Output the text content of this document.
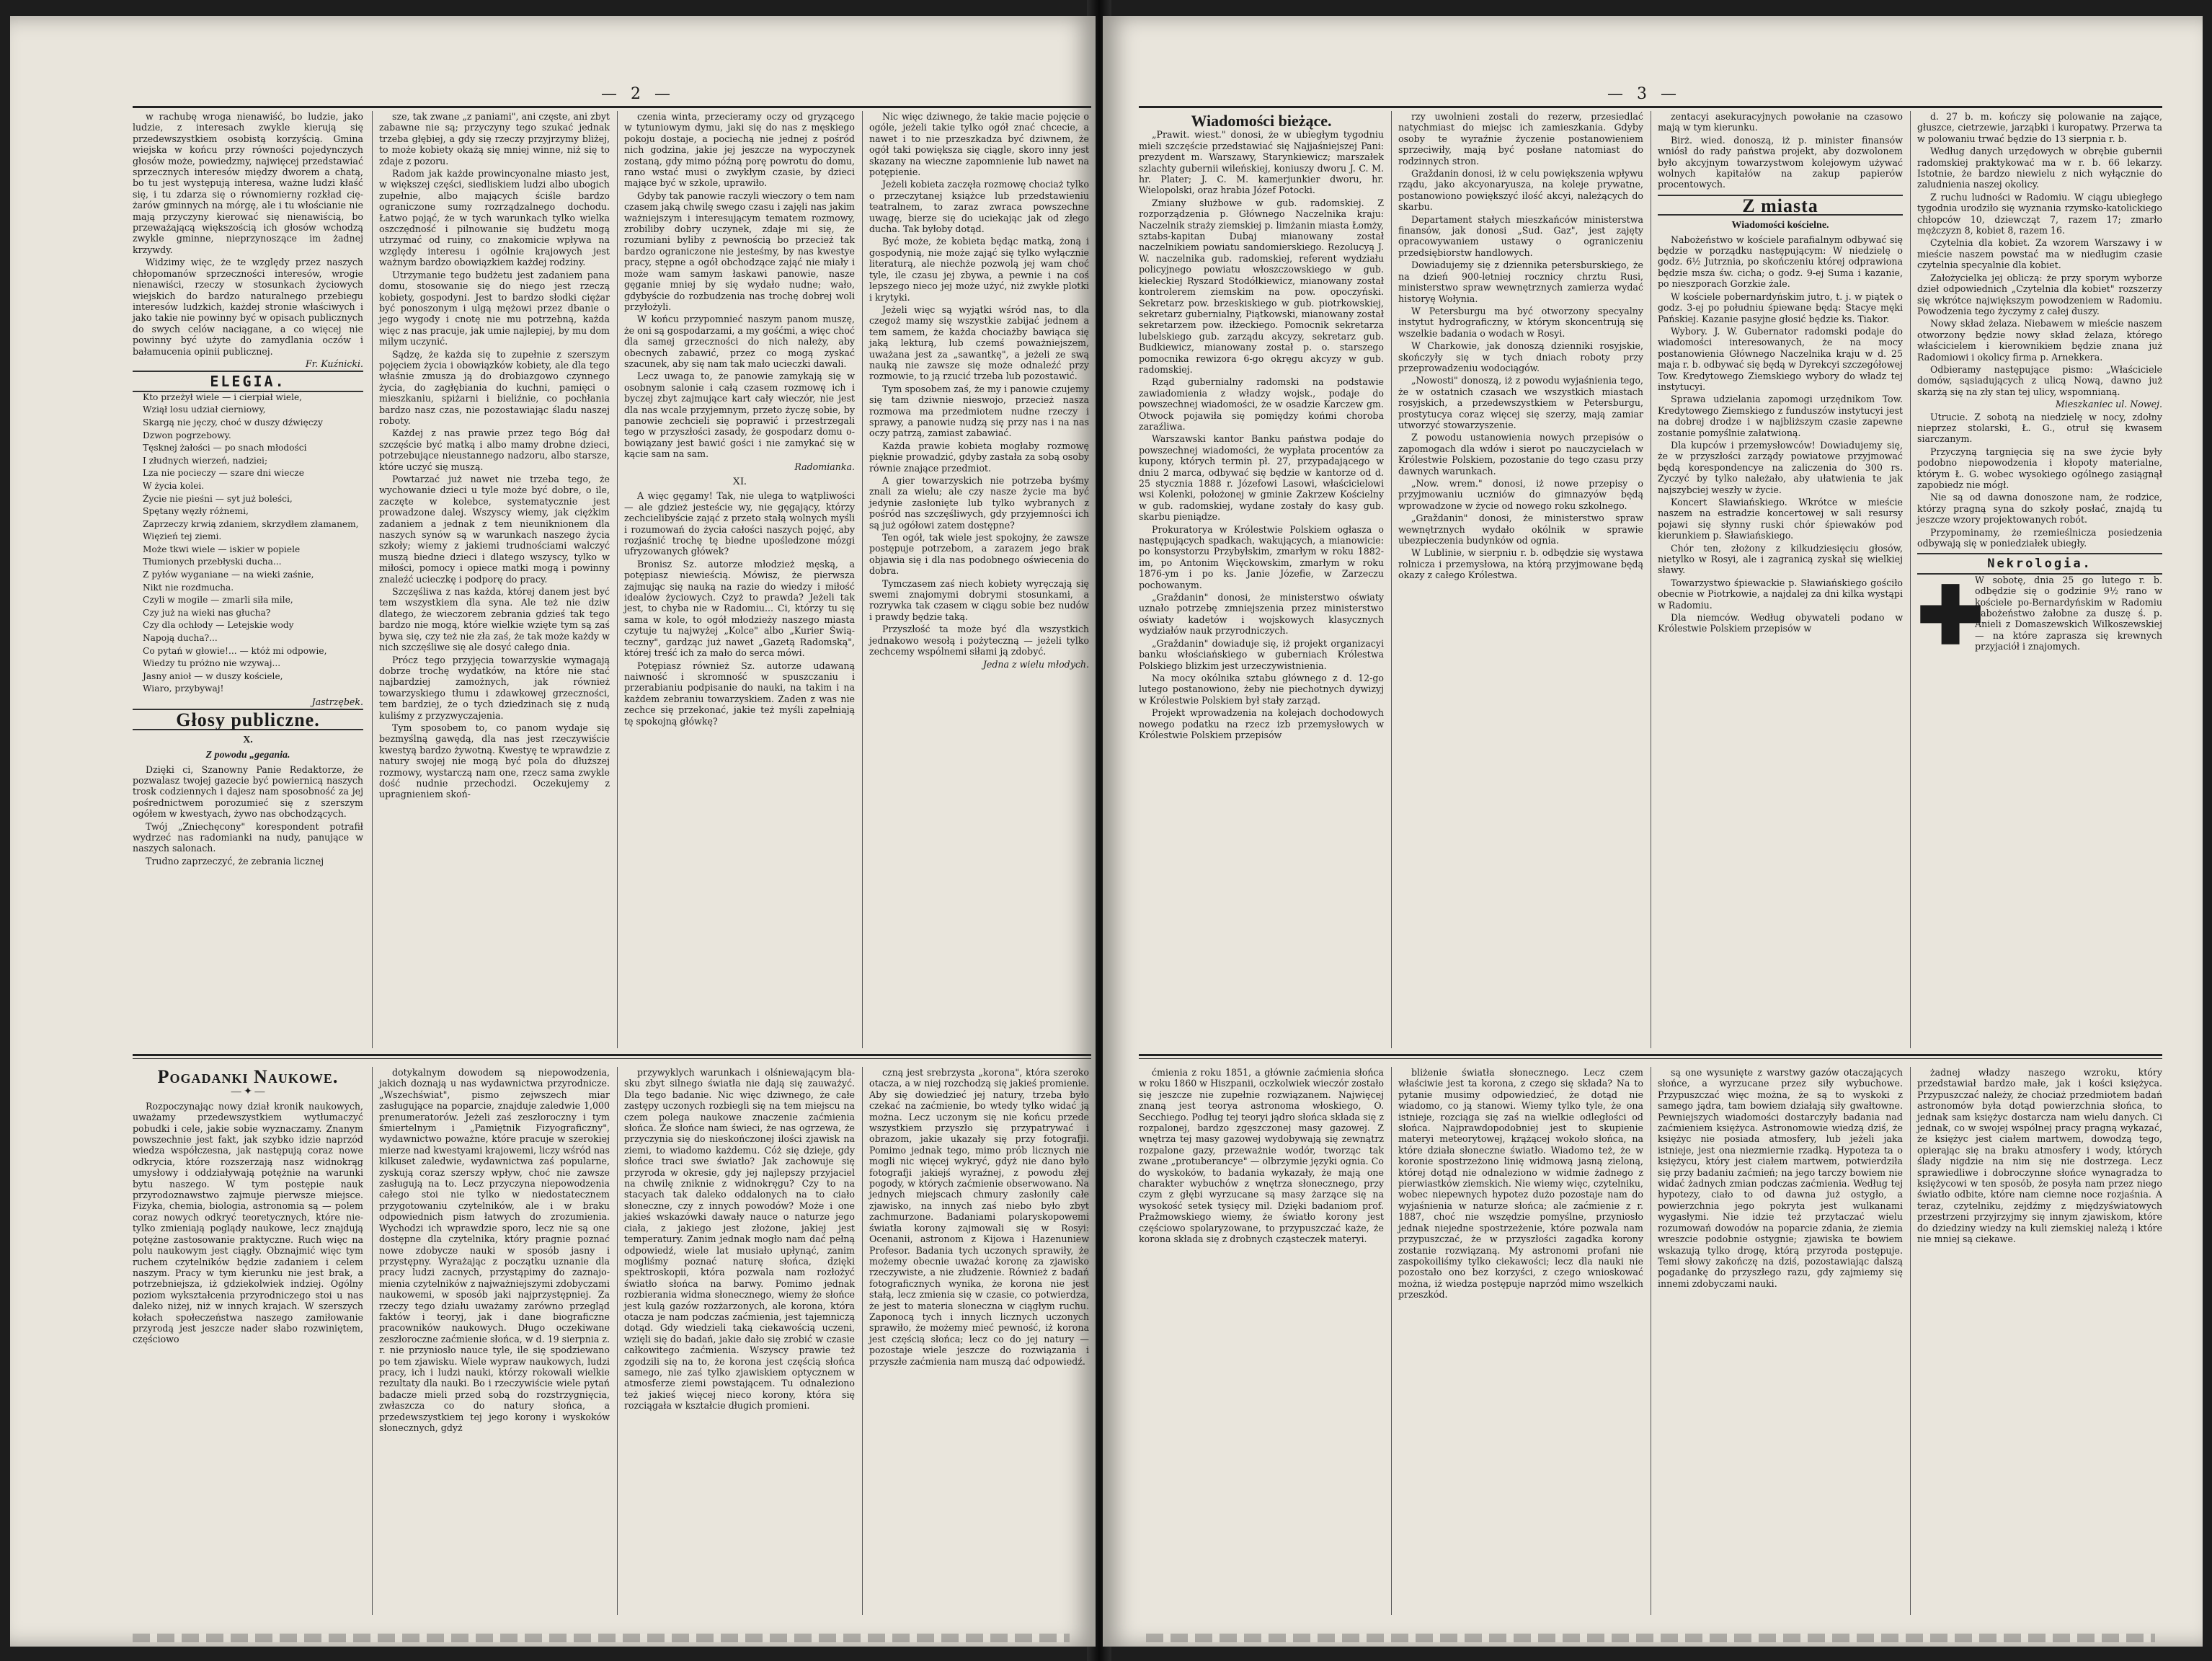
— 2 —

w rachubę wroga nienawiść, bo ludzie, jako ludzie, z interesach zwykle kierują się przedewszystkiem osobistą korzyścią. Gmina wiejska w końcu przy równości pojedynczych głosów może, powiedzmy, najwięcej przedstawiać sprzecznych interesów między dworem a chatą, bo tu jest występują interesa, ważne ludzi kłaść się, i tu zdarza się o równomierny rozkład ciężarów gminnych na mórgę, ale i tu włościanie nie mają przyczyny kierować się nienawiścią, bo przeważającą większością ich głosów wchodzą zwykle gminne, nieprzynoszące im żadnej krzywdy.

Widzimy więc, że te względy przez naszych chłopomanów sprzeczności interesów, wrogie nienawiści, rzeczy w stosunkach życiowych wiejskich do bardzo naturalnego przebiegu interesów ludzkich, każdej stronie właściwych i jako takie nie powinny być w opisach publicznych do swych celów naciągane, a co więcej nie powinny być użyte do zamydlania oczów i bałamucenia opinii publicznej.

Fr. Kuźnicki.

ELEGIA.

Kto przeżył wiele — i cierpiał wiele,

Wziął losu udział cierniowy,

Skargą nie jęczy, choć w duszy dźwięczy

Dzwon pogrzebowy.

Tęsknej żałości — po snach młodości

I złudnych wierzeń, nadziei;

Lza nie pocieczy — szare dni wiecze

W życia kolei.

Życie nie pieśni — syt już boleści,

Spętany węzły różnemi,

Zaprzeczy krwią zdaniem, skrzydłem złamanem,

Więzień tej ziemi.

Może tkwi wiele — iskier w popiele

Tłumionych przebłyski ducha...

Z pyłów wyganiane — na wieki zaśnie,

Nikt nie rozdmucha.

Czyli w mogile — zmarli siła mile,

Czy już na wieki nas głucha?

Czy dla ochłody — Letejskie wody

Napoją ducha?...

Co pytań w głowie!... — któż mi odpowie,

Wiedzy tu próżno nie wzywaj...

Jasny anioł — w duszy kościele,

Wiaro, przybywaj!

Jastrzębek.

Głosy publiczne.
X.
Z powodu „gegania.

Dzięki ci, Szanowny Panie Redaktorze, że pozwalasz twojej gazecie być powiernicą naszych trosk codziennych i dajesz nam sposobność za jej pośrednictwem porozumieć się z szerszym ogółem w kwestyach, żywo nas obchodzących.

Twój „Zniechęcony" korespondent potrafił wydrzeć nas radomianki na nudy, panujące w naszych salonach.

Trudno zaprzeczyć, że zebrania licznej

sze, tak zwane „z paniami", ani częste, ani zbyt zabawne nie są; przyczyny tego szukać jednak trzeba głębiej, a gdy się rzeczy przyjrzymy bliżej, to może kobiety okażą się mniej winne, niż się to zdaje z pozoru.

Radom jak każde prowincyonalne miasto jest, w większej części, siedliskiem ludzi albo ubogich zupełnie, albo mających ściśle bardzo ograniczone sumy rozrządzalnego dochodu. Łatwo pojąć, że w tych warunkach tylko wielka oszczędność i pilnowanie się budżetu mogą utrzymać od ruiny, co znakomicie wpływa na względy interesu i ogólnie krajowych jest ważnym bardzo obowiązkiem każdej rodziny.

Utrzymanie tego budżetu jest zadaniem pana domu, stosowanie się do niego jest rzeczą kobiety, gospodyni. Jest to bardzo słodki ciężar być ponoszonym i ulgą mężowi przez dbanie o jego wygody i cnotę nie mu potrzebną, każda więc z nas pracuje, jak umie najlepiej, by mu dom milym uczynić.

Sądzę, że każda się to zupełnie z szerszym pojęciem życia i obowiązków kobiety, ale dla tego właśnie zmusza ją do drobiazgowo czynnego życia, do zagłębiania do kuchni, pamięci o mieszkaniu, spiżarni i bieliźnie, co pochłania bardzo nasz czas, nie pozostawiając śladu naszej roboty.

Każdej z nas prawie przez tego Bóg dał szczęście być matką i albo mamy drobne dzieci, potrzebujące nieustannego nadzoru, albo starsze, które uczyć się muszą.

Powtarzać już nawet nie trzeba tego, że wychowanie dzieci u tyle może być dobre, o ile, zaczęte w kolebce, systematycznie jest prowadzone dalej. Wszyscy wiemy, jak ciężkim zadaniem a jednak z tem nieuniknionem dla naszych synów są w warunkach naszego życia szkoły; wiemy z jakiemi trudnościami walczyć muszą biedne dzieci i dlatego wszyscy, tylko w miłości, pomocy i opiece matki mogą i powinny znaleźć ucieczkę i podporę do pracy.

Szczęśliwa z nas każda, której danem jest być tem wszystkiem dla syna. Ale też nie dziw dlatego, że wieczorem zebrania gdzieś tak tego bardzo nie mogą, które wielkie wzięte tym są zaś bywa się, czy też nie zła zaś, że tak może każdy w nich szczęśliwe się ale dosyć całego dnia.

Prócz tego przyjęcia towarzyskie wymagają dobrze trochę wydatków, na które nie stać najbardziej zamożnych, jak również towarzyskiego tłumu i zdawkowej grzeczności, tem bardziej, że o tych dziedzinach się z nudą kuliśmy z przyzwyczajenia.

Tym sposobem to, co panom wydaje się bezmyślną gawędą, dla nas jest rzeczywiście kwestyą bardzo żywotną. Kwestyę te wprawdzie z natury swojej nie mogą być pola do dłuższej rozmowy, wystarczą nam one, rzecz sama zwykle dość nudnie przechodzi. Oczekujemy z upragnieniem skoń-

czenia winta, przecieramy oczy od gryzącego w tytuniowym dymu, jaki się do nas z męskiego pokoju dostaje, a pociechą nie jednej z pośród nich godzina, jakie jej jeszcze na wypoczynek zostaną, gdy mimo późną porę powrotu do domu, rano wstać musi o zwykłym czasie, by dzieci mające być w szkole, uprawiło.

Gdyby tak panowie raczyli wieczory o tem nam czasem jaką chwilę swego czasu i zajęli nas jakim ważniejszym i interesującym tematem rozmowy, zrobiliby dobry uczynek, zdaje mi się, że rozumiani byliby z pewnością bo przecież tak bardzo ograniczone nie jesteśmy, by nas kwestye pracy, stępne a ogół obchodzące zająć nie miały i może wam samym łaskawi panowie, nasze gęganie mniej by się wydało nudne; wało, gdybyście do rozbudzenia nas trochę dobrej woli przyłożyli.

W końcu przypomnieć naszym panom muszę, że oni są gospodarzami, a my gośćmi, a więc choć dla samej grzeczności do nich należy, aby obecnych zabawić, przez co mogą zyskać szacunek, aby się nam tak mało ucieczki dawali.

Lecz uwaga to, że panowie zamykają się w osobnym salonie i całą czasem rozmowę ich i byczej zbyt zajmujące kart cały wieczór, nie jest dla nas wcale przyjemnym, przeto życzę sobie, by panowie zechcieli się poprawić i przestrzegali tego w przyszłości zasady, że gospodarz domu obowiązany jest bawić gości i nie zamykać się w kącie sam na sam.

Radomianka.

XI.

A więc gęgamy! Tak, nie ulega to wątpliwości — ale gdzież jesteście wy, nie gęgający, którzy zechcielibyście zająć z przeto stałą wolnych myśli i rozumowań do życia całości naszych pojęć, aby rozjaśnić trochę tę biedne upośledzone mózgi ufryzowanych główek?

Bronisz Sz. autorze młodzież męską, a potępiasz niewieścią. Mówisz, że pierwsza zajmując się nauką na razie do wiedzy i miłość idealów życiowych. Czyż to prawda? Jeżeli tak jest, to chyba nie w Radomiu... Ci, którzy tu się sama w kole, to ogół młodzieży naszego miasta czytuje tu najwyżej „Kolce" albo „Kurier Świąteczny", gardząc już nawet „Gazetą Radomską", której treść ich za mało do serca mówi.

Potępiasz również Sz. autorze udawaną naiwność i skromność w spuszczaniu i przerabianiu podpisanie do nauki, na takim i na każdem zebraniu towarzyskiem. Zaden z was nie zechce się przekonać, jakie też myśli zapełniają tę spokojną główkę?

Nic więc dziwnego, że takie macie pojęcie o ogóle, jeżeli takie tylko ogół znać chcecie, a nawet i to nie przeszkadza być dziwnem, że ogół taki powiększa się ciągle, skoro inny jest skazany na wieczne zapomnienie lub nawet na potępienie.

Jeżeli kobieta zaczęła rozmowę chociaż tylko o przeczytanej książce lub przedstawieniu teatralnem, to zaraz zwraca powszechne uwagę, bierze się do uciekając jak od złego ducha. Tak byłoby dotąd.

Być może, że kobieta będąc matką, żoną i gospodynią, nie może zająć się tylko wyłącznie literaturą, ale niechże pozwolą jej wam choć tyle, ile czasu jej zbywa, a pewnie i na coś lepszego nieco jej może użyć, niż zwykłe plotki i krytyki.

Jeżeli więc są wyjątki wśród nas, to dla czegoż mamy się wszystkie zabijać jednem a tem samem, że każda chociażby bawiąca się jaką lekturą, lub czemś poważniejszem, uważana jest za „sawantkę", a jeżeli ze swą nauką nie zawsze się może odnaleźć przy rozmowie, to ją rzucić trzeba lub pozostawić.

Tym sposobem zaś, że my i panowie czujemy się tam dziwnie nieswojo, przecież nasza rozmowa ma przedmiotem nudne rzeczy i sprawy, a panowie nudzą się przy nas i na nas oczy patrzą, zamiast zabawiać.

Każda prawie kobieta mogłaby rozmowę pięknie prowadzić, gdyby zastała za sobą osoby równie znające przedmiot.

A gier towarzyskich nie potrzeba byśmy znali za wielu; ale czy nasze życie ma być jedynie zasłonięte lub tylko wybranych z pośród nas szczęśliwych, gdy przyjemności ich są już ogółowi zatem dostępne?

Ten ogół, tak wiele jest spokojny, że zawsze postępuje potrzebom, a zarazem jego brak objawia się i dla nas podobnego oświecenia do dobra.

Tymczasem zaś niech kobiety wyręczają się swemi znajomymi dobrymi stosunkami, a rozrywka tak czasem w ciągu sobie bez nudów i prawdy będzie taką.

Przyszłość ta może być dla wszystkich jednakowo wesołą i pożyteczną — jeżeli tylko zechcemy wspólnemi siłami ją zdobyć.

Jedna z wielu młodych.

Pogadanki Naukowe.
— ✦ —

Rozpoczynając nowy dział kronik naukowych, uważamy przedewszystkiem wytłumaczyć pobudki i cele, jakie sobie wyznaczamy. Znanym powszechnie jest fakt, jak szybko idzie naprzód wiedza współczesna, jak następują coraz nowe odkrycia, które rozszerzają nasz widnokrąg umysłowy i oddziaływają potężnie na warunki bytu naszego. W tym postępie nauk przyrodoznawstwo zajmuje pierwsze miejsce. Fizyka, chemia, biologia, astronomia są — polem coraz nowych odkryć teoretycznych, które nietylko zmieniają poglądy naukowe, lecz znajdują potężne zastosowanie praktyczne. Ruch więc na polu naukowym jest ciągły. Obznajmić więc tym ruchem czytelników będzie zadaniem i celem naszym. Pracy w tym kierunku nie jest brak, a potrzebniejsza, iż gdziekolwiek indziej. Ogólny poziom wykształcenia przyrodniczego stoi u nas daleko niżej, niż w innych krajach. W szerszych kołach społeczeństwa naszego zamiłowanie przyrodą jest jeszcze nader słabo rozwiniętem, częściowo

dotykalnym dowodem są niepowodzenia, jakich doznają u nas wydawnictwa przyrodnicze. „Wszechświat", pismo zejwszech miar zasługujące na poparcie, znajduje zaledwie 1,000 prenumeratorów. Jeżeli zaś zeszłoroczny i tym śmiertelnym i „Pamiętnik Fizyograficzny", wydawnictwo poważne, które pracuje w szerokiej mierze nad kwestyami krajowemi, liczy wśród nas kilkuset zaledwie, wydawnictwa zaś popularne, zyskują coraz szerszy wpływ, choć nie zawsze zasługują na to. Lecz przyczyna niepowodzenia całego stoi nie tylko w niedostatecznem przygotowaniu czytelników, ale i w braku odpowiednich pism łatwych do zrozumienia. Wychodzi ich wprawdzie sporo, lecz nie są one dostępne dla czytelnika, który pragnie poznać nowe zdobycze nauki w sposób jasny i przystępny. Wyrażając z początku uznanie dla pracy ludzi zacnych, przystąpimy do zaznajomienia czytelników z najważniejszymi zdobyczami naukowemi, w sposób jaki najprzystępniej. Za rzeczy tego działu uważamy zarówno przegląd faktów i teoryj, jak i dane biograficzne pracowników naukowych. Długo oczekiwane zeszłoroczne zaćmienie słońca, w d. 19 sierpnia z. r. nie przyniosło nauce tyle, ile się spodziewano po tem zjawisku. Wiele wypraw naukowych, ludzi pracy, ich i ludzi nauki, którzy rokowali wielkie rezultaty dla nauki. Bo i rzeczywiście wiele pytań badacze mieli przed sobą do rozstrzygnięcia, zwłaszcza co do natury słońca, a przedewszystkiem tej jego korony i wyskoków słonecznych, gdyż

przywyklych warunkach i olśniewającym blasku zbyt silnego światła nie dają się zauważyć. Dla tego badanie. Nic więc dziwnego, że całe zastępy uczonych rozbiegli się na tem miejscu na czem polega naukowe znaczenie zaćmienia słońca. Że słońce nam świeci, że nas ogrzewa, że przyczynia się do nieskończonej ilości zjawisk na ziemi, to wiadomo każdemu. Cóż się dzieje, gdy słońce traci swe światło? Jak zachowuje się przyroda w okresie, gdy jej najlepszy przyjaciel na chwilę zniknie z widnokręgu? Czy to na stacyach tak daleko oddalonych na to ciało słoneczne, czy z innych powodów? Może i one jakieś wskazówki dawały nauce o naturze jego ciała, z jakiego jest złożone, jakiej jest temperatury. Zanim jednak mogło nam dać pełną odpowiedź, wiele lat musiało upłynąć, zanim mogliśmy poznać naturę słońca, dzięki spektroskopii, która pozwala nam rozłożyć światło słońca na barwy. Pomimo jednak rozbierania widma słonecznego, wiemy że słońce jest kulą gazów rozżarzonych, ale korona, która otacza je nam podczas zaćmienia, jest tajemniczą dotąd. Gdy wiedzieli taką ciekawością uczeni, wzięli się do badań, jakie dało się zrobić w czasie całkowitego zaćmienia. Wszyscy prawie też zgodzili się na to, że korona jest częścią słońca samego, nie zaś tylko zjawiskiem optycznem w atmosferze ziemi powstającem. Tu odnaleziono też jakieś więcej nieco korony, która się rozciągała w kształcie długich promieni.

czną jest srebrzysta „korona", która szeroko otacza, a w niej rozchodzą się jakieś promienie. Aby się dowiedzieć jej natury, trzeba było czekać na zaćmienie, bo wtedy tylko widać ją można. Lecz uczonym się nie końcu przede wszystkiem przyszło się przypatrywać i obrazom, jakie ukazały się przy fotografji. Pomimo jednak tego, mimo prób licznych nie mogli nic więcej wykryć, gdyż nie dano było fotografji jakiejś wyraźnej, z powodu złej pogody, w których zaćmienie obserwowano. Na jednych miejscach chmury zasłoniły całe zjawisko, na innych zaś niebo było zbyt zachmurzone. Badaniami polaryskopowemi światła korony zajmowali się w Rosyi: Ocenanii, astronom z Kijowa i Hazenuniew Profesor. Badania tych uczonych sprawiły, że możemy obecnie uważać koronę za zjawisko rzeczywiste, a nie złudzenie. Również z badań fotograficznych wynika, że korona nie jest stałą, lecz zmienia się w czasie, co potwierdza, że jest to materia słoneczna w ciągłym ruchu. Zaponocą tych i innych licznych uczonych sprawiło, że możemy mieć pewność, iż korona jest częścią słońca; lecz co do jej natury — pozostaje wiele jeszcze do rozwiązania i przyszłe zaćmienia nam muszą dać odpowiedź.

— 3 —
Wiadomości bieżące.

„Prawit. wiest." donosi, że w ubiegłym tygodniu mieli szczęście przedstawiać się Najjaśniejszej Pani: prezydent m. Warszawy, Starynkiewicz; marszałek szlachty gubernii wileńskiej, koniuszy dworu J. C. M. hr. Plater; J. C. M. kamerjunkier dworu, hr. Wielopolski, oraz hrabia Józef Potocki.

Zmiany służbowe w gub. radomskiej. Z rozporządzenia p. Głównego Naczelnika kraju: Naczelnik straży ziemskiej p. limżanin miasta Łomży, sztabs-kapitan Dubaj mianowany został naczelnikiem powiatu sandomierskiego. Rezolucyą J. W. naczelnika gub. radomskiej, referent wydziału policyjnego powiatu włoszczowskiego w gub. kieleckiej Ryszard Stodółkiewicz, mianowany został kontrolerem ziemskim na pow. opoczyński. Sekretarz pow. brzeskiskiego w gub. piotrkowskiej, sekretarz gubernialny, Piątkowski, mianowany został sekretarzem pow. iłżeckiego. Pomocnik sekretarza lubelskiego gub. zarządu akcyzy, sekretarz gub. Budkiewicz, mianowany został p. o. starszego pomocnika rewizora 6-go okręgu akcyzy w gub. radomskiej.

Rząd gubernialny radomski na podstawie zawiadomienia z władzy wojsk., podaje do powszechnej wiadomości, że w osadzie Karczew gm. Otwock pojawiła się pomiędzy końmi choroba zaraźliwa.

Warszawski kantor Banku państwa podaje do powszechnej wiadomości, że wypłata procentów za kupony, których termin pł. 27, przypadającego w dniu 2 marca, odbywać się będzie w kantorze od d. 25 stycznia 1888 r. Józefowi Lasowi, właścicielowi wsi Kolenki, położonej w gminie Zakrzew Kościelny w gub. radomskiej, wydane zostały do kasy gub. skarbu pieniądze.

Prokuratorya w Królestwie Polskiem ogłasza o następujących spadkach, wakujących, a mianowicie: po konsystorzu Przybyłskim, zmarłym w roku 1882-im, po Antonim Więckowskim, zmarłym w roku 1876-ym i po ks. Janie Józefie, w Zarzeczu pochowanym.

„Graždanin" donosi, że ministerstwo oświaty uznało potrzebę zmniejszenia przez ministerstwo oświaty kadetów i wojskowych klasycznych wydziałów nauk przyrodniczych.

„Graždanin" dowiaduje się, iż projekt organizacyi banku włościańskiego w guberniach Królestwa Polskiego blizkim jest urzeczywistnienia.

Na mocy okólnika sztabu głównego z d. 12-go lutego postanowiono, żeby nie piechotnych dywizyj w Królestwie Polskiem był stały zarząd.

Projekt wprowadzenia na kolejach dochodowych nowego podatku na rzecz izb przemysłowych w Królestwie Polskiem przepisów

rzy uwolnieni zostali do rezerw, przesiedlać natychmiast do miejsc ich zamieszkania. Gdyby osoby te wyraźnie życzenie postanowieniem sprzeciwiły, mają być posłane natomiast do rodzinnych stron.

Graždanin donosi, iż w celu powiększenia wpływu rządu, jako akcyonaryusza, na koleje prywatne, postanowiono powiększyć ilość akcyi, należących do skarbu.

Departament stałych mieszkańców ministerstwa finansów, jak donosi „Sud. Gaz", jest zajęty opracowywaniem ustawy o ograniczeniu przedsiębiorstw handlowych.

Dowiadujemy się z dziennika petersburskiego, że na dzień 900-letniej rocznicy chrztu Rusi, ministerstwo spraw wewnętrznych zamierza wydać historyę Wołynia.

W Petersburgu ma być otworzony specyalny instytut hydrograficzny, w którym skoncentrują się wszelkie badania o wodach w Rosyi.

W Charkowie, jak donoszą dzienniki rosyjskie, skończyły się w tych dniach roboty przy przeprowadzeniu wodociągów.

„Nowosti" donoszą, iż z powodu wyjaśnienia tego, że w ostatnich czasach we wszystkich miastach rosyjskich, a przedewszystkiem w Petersburgu, prostytucya coraz więcej się szerzy, mają zamiar utworzyć stowarzyszenie.

Z powodu ustanowienia nowych przepisów o zapomogach dla wdów i sierot po nauczycielach w Królestwie Polskiem, pozostanie do tego czasu przy dawnych warunkach.

„Now. wrem." donosi, iż nowe przepisy o przyjmowaniu uczniów do gimnazyów będą wprowadzone w życie od nowego roku szkolnego.

„Graždanin" donosi, że ministerstwo spraw wewnętrznych wydało okólnik w sprawie ubezpieczenia budynków od ognia.

W Lublinie, w sierpniu r. b. odbędzie się wystawa rolnicza i przemysłowa, na którą przyjmowane będą okazy z całego Królestwa.

zentacyi asekuracyjnych powołanie na czasowo mają w tym kierunku.

Birż. wied. donoszą, iż p. minister finansów wniósł do rady państwa projekt, aby dozwolonem było akcyjnym towarzystwom kolejowym używać wolnych kapitałów na zakup papierów procentowych.

Z miasta
Wiadomości kościelne.

Nabożeństwo w kościele parafialnym odbywać się będzie w porządku następującym: W niedzielę o godz. 6½ Jutrznia, po skończeniu której odprawiona będzie msza św. cicha; o godz. 9-ej Suma i kazanie, po nieszporach Gorzkie żale.

W kościele pobernardyńskim jutro, t. j. w piątek o godz. 3-ej po południu śpiewane będą: Stacye męki Pańskiej. Kazanie pasyjne głosić będzie ks. Tiakor.

Wybory. J. W. Gubernator radomski podaje do wiadomości interesowanych, że na mocy postanowienia Głównego Naczelnika kraju w d. 25 maja r. b. odbywać się będą w Dyrekcyi szczegółowej Tow. Kredytowego Ziemskiego wybory do władz tej instytucyi.

Sprawa udzielania zapomogi urzędnikom Tow. Kredytowego Ziemskiego z funduszów instytucyi jest na dobrej drodze i w najbliższym czasie zapewne zostanie pomyślnie załatwioną.

Dla kupców i przemysłowców! Dowiadujemy się, że w przyszłości zarządy powiatowe przyjmować będą korespondencye na zaliczenia do 300 rs. Zyczyć by tylko należało, aby ułatwienia te jak najszybciej weszły w życie.

Koncert Sławiańskiego. Wkrótce w mieście naszem na estradzie koncertowej w sali resursy pojawi się słynny ruski chór śpiewaków pod kierunkiem p. Sławiańskiego.

Chór ten, złożony z kilkudziesięciu głosów, nietylko w Rosyi, ale i zagranicą zyskał się wielkiej sławy.

Towarzystwo śpiewackie p. Sławiańskiego gościło obecnie w Piotrkowie, a najdalej za dni kilka wystąpi w Radomiu.

Dla niemców. Według obywateli podano w Królestwie Polskiem przepisów w

d. 27 b. m. kończy się polowanie na zające, głuszce, cietrzewie, jarząbki i kuropatwy. Przerwa ta w polowaniu trwać będzie do 13 sierpnia r. b.

Według danych urzędowych w obrębie gubernii radomskiej praktykować ma w r. b. 66 lekarzy. Istotnie, że bardzo niewielu z nich wyłącznie do zaludnienia naszej okolicy.

Z ruchu ludności w Radomiu. W ciągu ubiegłego tygodnia urodziło się wyznania rzymsko-katolickiego chłopców 10, dziewcząt 7, razem 17; zmarło mężczyzn 8, kobiet 8, razem 16.

Czytelnia dla kobiet. Za wzorem Warszawy i w mieście naszem powstać ma w niedługim czasie czytelnia specyalnie dla kobiet.

Założycielka jej obliczą: że przy sporym wyborze dzieł odpowiednich „Czytelnia dla kobiet" rozszerzy się wkrótce największym powodzeniem w Radomiu. Powodzenia tego życzymy z całej duszy.

Nowy skład żelaza. Niebawem w mieście naszem otworzony będzie nowy skład żelaza, którego właścicielem i kierownikiem będzie znana już Radomiowi i okolicy firma p. Arnekkera.

Odbieramy następujące pismo: „Właściciele domów, sąsiadujących z ulicą Nową, dawno już skarżą się na zły stan tej ulicy, wspomnianą.

Mieszkaniec ul. Nowej.

Utrucie. Z sobotą na niedzielę w nocy, zdołny nieprzez stolarski, Ł. G., otruł się kwasem siarczanym.

Przyczyną targnięcia się na swe życie były podobno niepowodzenia i kłopoty materialne, którym Ł. G. wobec wysokiego ogólnego zasiągnął zapobiedz nie mógł.

Nie są od dawna donoszone nam, że rodzice, którzy pragną syna do szkoły posłać, znajdą tu jeszcze wzory projektowanych robót.

Przypominamy, że rzemieślnicza posiedzenia odbywają się w poniedziałek ubiegły.

Nekrologia.
✚

W sobotę, dnia 25 go lutego r. b. odbędzie się o godzinie 9½ rano w kościele po-Bernardyńskim w Radomiu nabożeństwo żałobne za duszę ś. p. Anieli z Domaszewskich Wilkoszewskiej — na które zaprasza się krewnych przyjaciół i znajomych.

ćmienia z roku 1851, a głównie zaćmienia słońca w roku 1860 w Hiszpanii, oczkolwiek wieczór zostało się jeszcze nie zupełnie rozwiązanem. Najwięcej znaną jest teorya astronoma włoskiego, O. Secchiego. Podług tej teoryi jądro słońca składa się z rozpalonej, bardzo zgęszczonej masy gazowej. Z wnętrza tej masy gazowej wydobywają się zewnątrz rozpalone gazy, przeważnie wodór, tworząc tak zwane „protuberancye" — olbrzymie języki ognia. Co do wyskoków, to badania wykazały, że mają one charakter wybuchów z wnętrza słonecznego, przy czym z głębi wyrzucane są masy żarzące się na wysokość setek tysięcy mil. Dzięki badaniom prof. Pražmowskiego wiemy, że światło korony jest częściowo spolaryzowane, to przypuszczać każe, że korona składa się z drobnych cząsteczek materyi.

bliżenie światła słonecznego. Lecz czem właściwie jest ta korona, z czego się składa? Na to pytanie musimy odpowiedzieć, że dotąd nie wiadomo, co ją stanowi. Wiemy tylko tyle, że ona istnieje, rozciąga się zaś na wielkie odległości od słońca. Najprawdopodobniej jest to skupienie materyi meteorytowej, krążącej wokoło słońca, na które działa słoneczne światło. Wiadomo też, że w koronie spostrzeżono linię widmową jasną zieloną, której dotąd nie odnaleziono w widmie żadnego z pierwiastków ziemskich. Nie wiemy więc, czytelniku, wobec niepewnych hypotez dużo pozostaje nam do wyjaśnienia w naturze słońca; ale zaćmienie z r. 1887, choć nie wszędzie pomyślne, przyniosło jednak niejedne spostrzeżenie, które pozwala nam przypuszczać, że w przyszłości zagadka korony zostanie rozwiązaną. My astronomi profani nie zaspokoiliśmy tylko ciekawości; lecz dla nauki nie pozostało ono bez korzyści, z czego wnioskować można, iż wiedza postępuje naprzód mimo wszelkich przeszkód.

są one wysunięte z warstwy gazów otaczających słońce, a wyrzucane przez siły wybuchowe. Przypuszczać więc można, że są to wyskoki z samego jądra, tam bowiem działają siły gwałtowne. Pewniejszych wiadomości dostarczyły badania nad zaćmieniem księżyca. Astronomowie wiedzą dziś, że księżyc nie posiada atmosfery, lub jeżeli jaka istnieje, jest ona niezmiernie rzadką. Hypoteza ta o księżycu, który jest ciałem martwem, potwierdziła się przy badaniu zaćmień; na jego tarczy bowiem nie widać żadnych zmian podczas zaćmienia. Według tej hypotezy, ciało to od dawna już ostygło, a powierzchnia jego pokryta jest wulkanami wygasłymi. Nie idzie też przytaczać wielu rozumowań dowodów na poparcie zdania, że ziemia wreszcie podobnie ostygnie; zjawiska te bowiem wskazują tylko drogę, którą przyroda postępuje. Temi słowy zakończę na dziś, pozostawiając dalszą pogadankę do przyszłego razu, gdy zajmiemy się innemi zdobyczami nauki.

żadnej władzy naszego wzroku, który przedstawiał bardzo małe, jak i kości księżyca. Przypuszczać należy, że chociaż przedmiotem badań astronomów była dotąd powierzchnia słońca, to jednak sam księżyc dostarcza nam wielu danych. Ci jednak, co w swojej wspólnej pracy pragną wykazać, że księżyc jest ciałem martwem, dowodzą tego, opierając się na braku atmosfery i wody, których ślady nigdzie na nim się nie dostrzega. Lecz sprawiedliwe i dobroczynne słońce wynagradza to księżycowi w ten sposób, że posyła nam przez niego światło odbite, które nam ciemne noce rozjaśnia. A teraz, czytelniku, zejdźmy z międzyświatowych przestrzeni przyjrzyjmy się innym zjawiskom, które do dziedziny wiedzy na kuli ziemskiej należą i które nie mniej są ciekawe.
